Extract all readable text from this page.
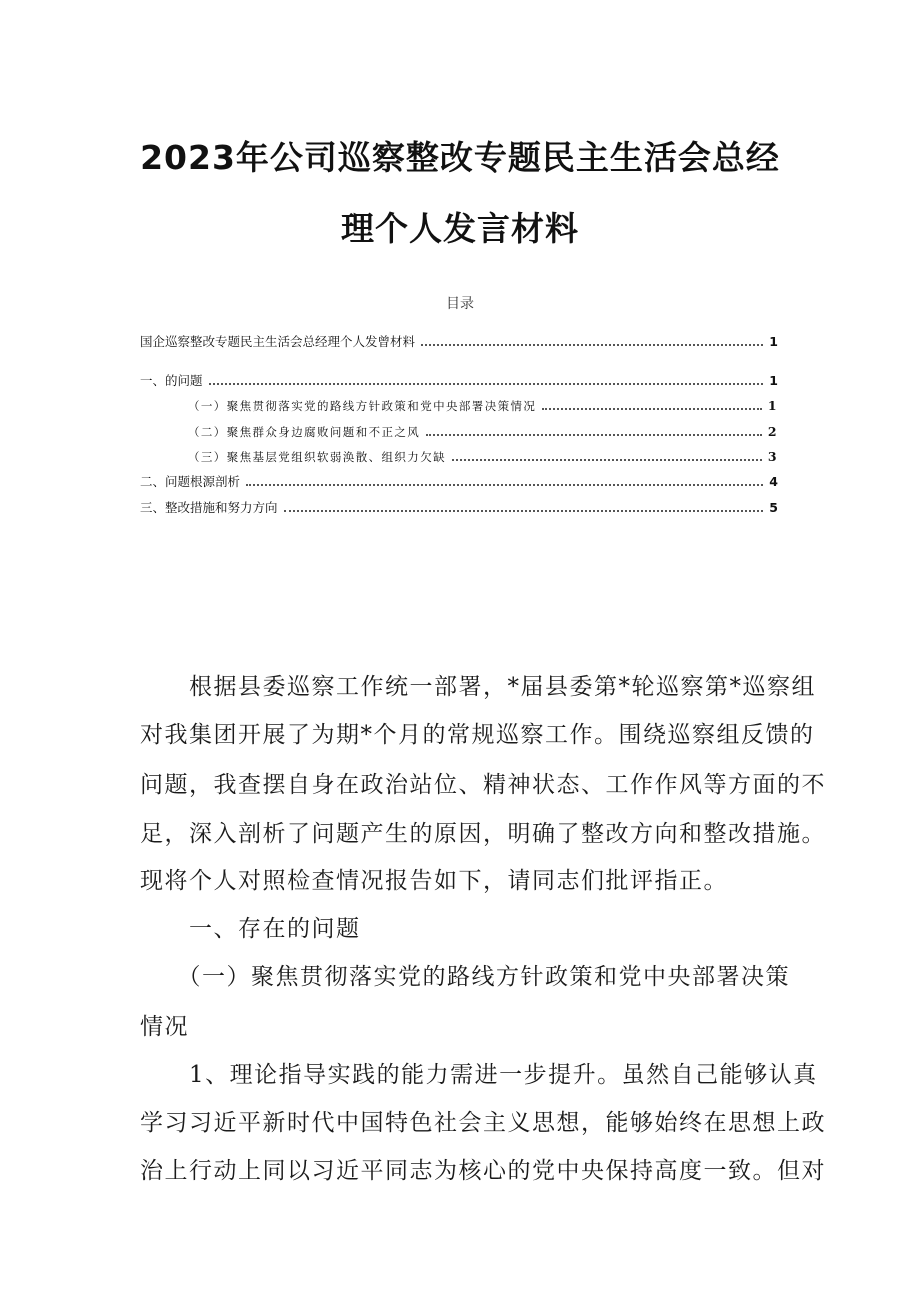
2023年公司巡察整改专题民主生活会总经
理个人发言材料
目录
国企巡察整改专题民主生活会总经理个人发曾材料	1
一、的问题	1
（一）聚焦贯彻落实党的路线方针政策和党中央部署决策情况	1
（二）聚焦群众身边腐败问题和不正之风	2
（三）聚焦基层党组织软弱涣散、组织力欠缺	3
二、问题根源剖析	4
三、整改措施和努力方向	5

　　根据县委巡察工作统一部署，*届县委第*轮巡察第*巡察组

对我集团开展了为期*个月的常规巡察工作。围绕巡察组反馈的

问题，我查摆自身在政治站位、精神状态、工作作风等方面的不

足，深入剖析了问题产生的原因，明确了整改方向和整改措施。

现将个人对照检查情况报告如下，请同志们批评指正。

　　一、存在的问题

　　（一）聚焦贯彻落实党的路线方针政策和党中央部署决策

情况

　　1、理论指导实践的能力需进一步提升。虽然自己能够认真

学习习近平新时代中国特色社会主义思想，能够始终在思想上政

治上行动上同以习近平同志为核心的党中央保持高度一致。但对
